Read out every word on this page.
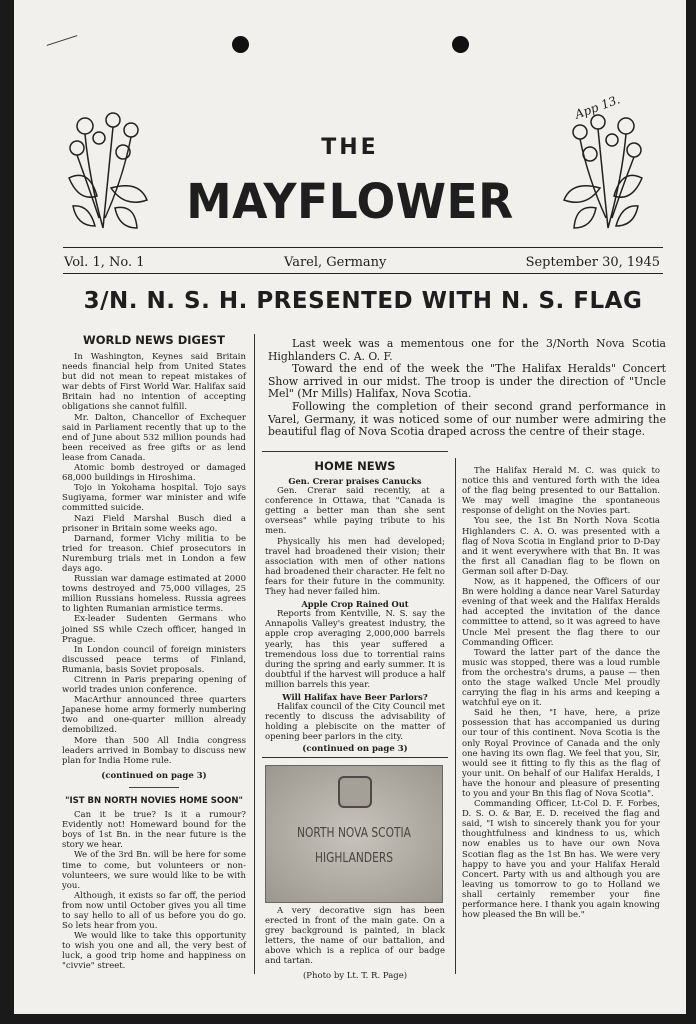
App 13.
THE
MAYFLOWER
Vol. 1, No. 1	Varel, Germany	September 30, 1945
3/N. N. S. H. PRESENTED WITH N. S. FLAG

WORLD NEWS DIGEST

In Washington, Keynes said Britain needs financial help from United States but did not mean to repeat mistakes of war debts of First World War. Halifax said Britain had no intention of accepting obligations she cannot fulfill.

Mr. Dalton, Chancellor of Exchequer said in Parliament recently that up to the end of June about 532 million pounds had been received as free gifts or as lend lease from Canada.

Atomic bomb destroyed or damaged 68,000 buildings in Hiroshima.

Tojo in Yokohama hospital. Tojo says Sugiyama, former war minister and wife committed suicide.

Nazi Field Marshal Busch died a prisoner in Britain some weeks ago.

Darnand, former Vichy militia to be tried for treason. Chief prosecutors in Nuremburg trials met in London a few days ago.

Russian war damage estimated at 2000 towns destroyed and 75,000 villages, 25 million Russians homeless. Russia agrees to lighten Rumanian armistice terms.

Ex-leader Sudenten Germans who joined SS while Czech officer, hanged in Prague.

In London council of foreign ministers discussed peace terms of Finland, Rumania, basis Soviet proposals.

Citrenn in Paris preparing opening of world trades union conference.

MacArthur announced three quarters Japanese home army formerly numbering two and one-quarter million already demobilized.

More than 500 All India congress leaders arrived in Bombay to discuss new plan for India Home rule.

(continued on page 3)

"IST BN NORTH NOVIES HOME SOON"

Can it be true? Is it a rumour? Evidently not! Homeward bound for the boys of 1st Bn. in the near future is the story we hear.

We of the 3rd Bn. will be here for some time to come, but volunteers or non-volunteers, we sure would like to be with you.

Although, it exists so far off, the period from now until October gives you all time to say hello to all of us before you do go. So lets hear from you.

We would like to take this opportunity to wish you one and all, the very best of luck, a good trip home and happiness on "civvie" street.

Last week was a mementous one for the 3/North Nova Scotia Highlanders C. A. O. F.

Toward the end of the week the "The Halifax Heralds" Concert Show arrived in our midst. The troop is under the direction of "Uncle Mel" (Mr Mills) Halifax, Nova Scotia.

Following the completion of their second grand performance in Varel, Germany, it was noticed some of our number were admiring the beautiful flag of Nova Scotia draped across the centre of their stage.

HOME NEWS

Gen. Crerar praises Canucks

Gen. Crerar said recently, at a conference in Ottawa, that "Canada is getting a better man than she sent overseas" while paying tribute to his men.

Physically his men had developed; travel had broadened their vision; their association with men of other nations had broadened their character. He felt no fears for their future in the community. They had never failed him.

Apple Crop Rained Out

Reports from Kentville, N. S. say the Annapolis Valley's greatest industry, the apple crop averaging 2,000,000 barrels yearly, has this year suffered a tremendous loss due to torrential rains during the spring and early summer. It is doubtful if the harvest will produce a half million barrels this year.

Will Halifax have Beer Parlors?

Halifax council of the City Council met recently to discuss the advisability of holding a plebiscite on the matter of opening beer parlors in the city.

(continued on page 3)

NORTH NOVA SCOTIA
HIGHLANDERS

A very decorative sign has been erected in front of the main gate. On a grey background is painted, in black letters, the name of our battalion, and above which is a replica of our badge and tartan.

(Photo by Lt. T. R. Page)

The Halifax Herald M. C. was quick to notice this and ventured forth with the idea of the flag being presented to our Battalion. We may well imagine the spontaneous response of delight on the Novies part.

You see, the 1st Bn North Nova Scotia Highlanders C. A. O. was presented with a flag of Nova Scotia in England prior to D-Day and it went everywhere with that Bn. It was the first all Canadian flag to be flown on German soil after D-Day.

Now, as it happened, the Officers of our Bn were holding a dance near Varel Saturday evening of that week and the Halifax Heralds had accepted the invitation of the dance committee to attend, so it was agreed to have Uncle Mel present the flag there to our Commanding Officer.

Toward the latter part of the dance the music was stopped, there was a loud rumble from the orchestra's drums, a pause — then onto the stage walked Uncle Mel proudly carrying the flag in his arms and keeping a watchful eye on it.

Said he then, "I have, here, a prize possession that has accompanied us during our tour of this continent. Nova Scotia is the only Royal Province of Canada and the only one having its own flag. We feel that you, Sir, would see it fitting to fly this as the flag of your unit. On behalf of our Halifax Heralds, I have the honour and pleasure of presenting to you and your Bn this flag of Nova Scotia".

Commanding Officer, Lt-Col D. F. Forbes, D. S. O. & Bar, E. D. received the flag and said, "I wish to sincerely thank you for your thoughtfulness and kindness to us, which now enables us to have our own Nova Scotian flag as the 1st Bn has. We were very happy to have you and your Halifax Herald Concert. Party with us and although you are leaving us tomorrow to go to Holland we shall certainly remember your fine performance here. I thank you again knowing how pleased the Bn will be."
